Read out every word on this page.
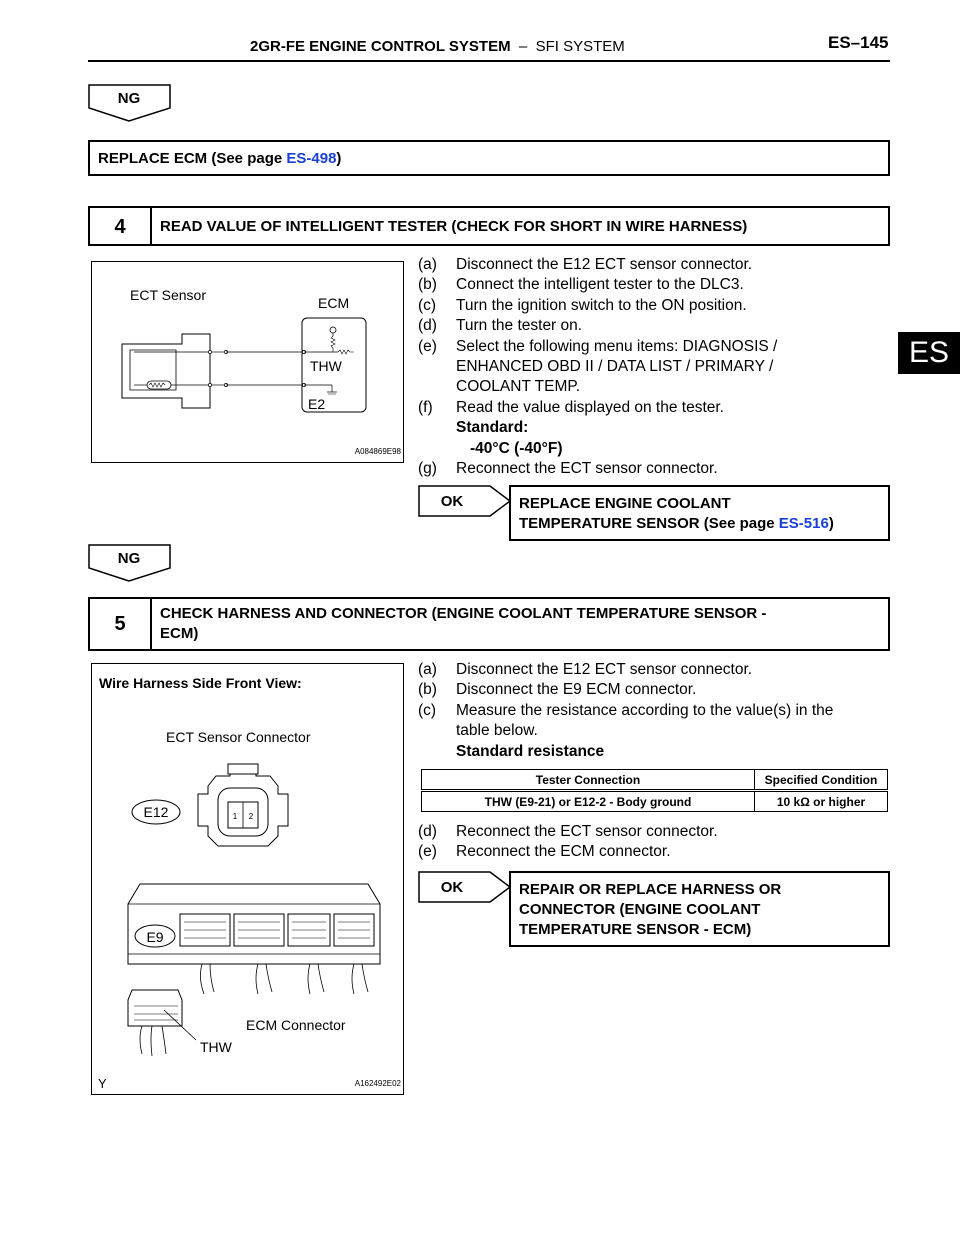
2GR-FE ENGINE CONTROL SYSTEM  –  SFI SYSTEM	ES–145
ES
NG
REPLACE ECM (See page ES-498)
4	READ VALUE OF INTELLIGENT TESTER (CHECK FOR SHORT IN WIRE HARNESS)
ECT Sensor	ECM
THW
E2
A084869E98
(a)	Disconnect the E12 ECT sensor connector.
(b)	Connect the intelligent tester to the DLC3.
(c)	Turn the ignition switch to the ON position.
(d)	Turn the tester on.
(e)	Select the following menu items: DIAGNOSIS /
ENHANCED OBD II / DATA LIST / PRIMARY /
COOLANT TEMP.
(f)	Read the value displayed on the tester.
Standard:
-40°C (-40°F)
(g)	Reconnect the ECT sensor connector.
OK	REPLACE ENGINE COOLANT
TEMPERATURE SENSOR (See page ES-516)
NG
5	CHECK HARNESS AND CONNECTOR (ENGINE COOLANT TEMPERATURE SENSOR -
ECM)
Wire Harness Side Front View:
ECT Sensor Connector
E12	1 2
E9
ECM Connector
THW
Y	A162492E02
(a)	Disconnect the E12 ECT sensor connector.
(b)	Disconnect the E9 ECM connector.
(c)	Measure the resistance according to the value(s) in the
table below.
Standard resistance
Tester Connection	Specified Condition
THW (E9-21) or E12-2 - Body ground	10 kΩ or higher
(d)	Reconnect the ECT sensor connector.
(e)	Reconnect the ECM connector.
OK	REPAIR OR REPLACE HARNESS OR
CONNECTOR (ENGINE COOLANT
TEMPERATURE SENSOR - ECM)
